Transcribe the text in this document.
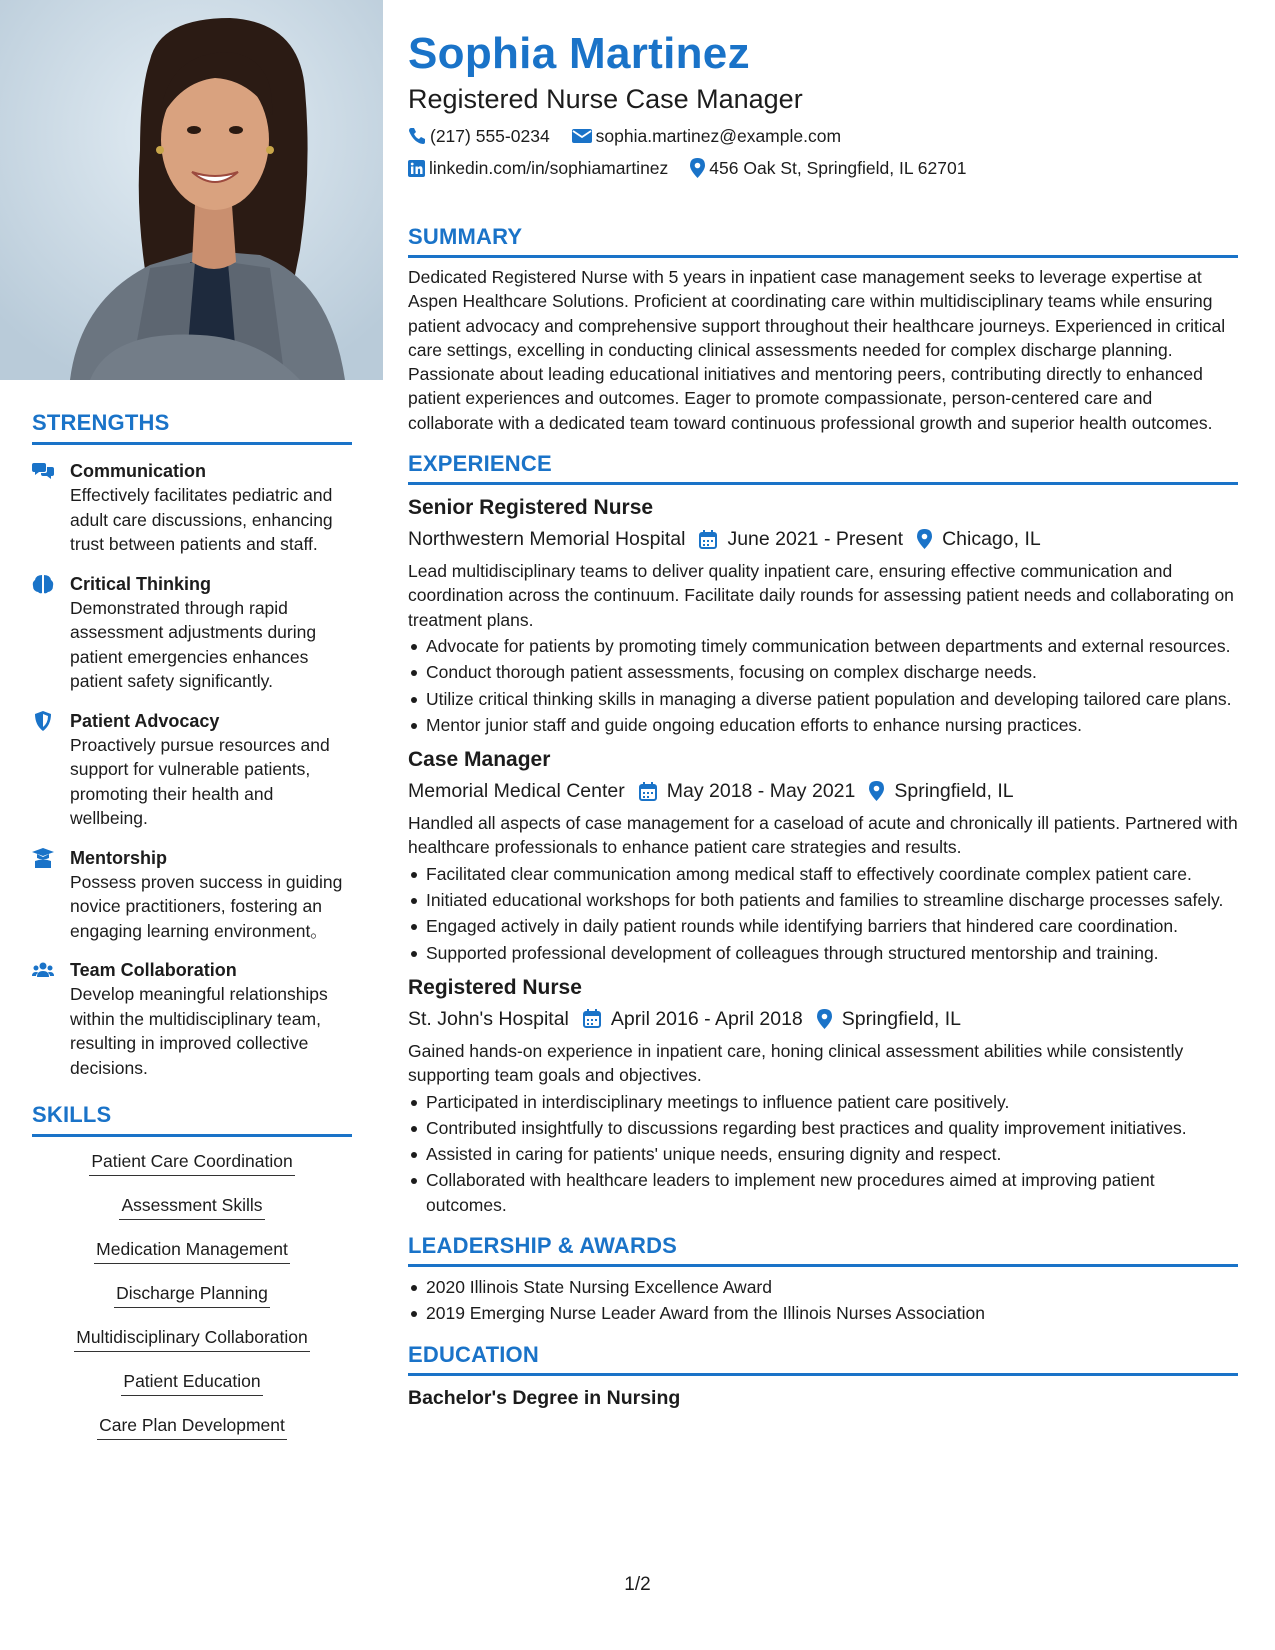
STRENGTHS
Communication
Effectively facilitates pediatric and adult care discussions, enhancing trust between patients and staff.
Critical Thinking
Demonstrated through rapid assessment adjustments during patient emergencies enhances patient safety significantly.
Patient Advocacy
Proactively pursue resources and support for vulnerable patients, promoting their health and wellbeing.
Mentorship
Possess proven success in guiding novice practitioners, fostering an engaging learning environment。
Team Collaboration
Develop meaningful relationships within the multidisciplinary team, resulting in improved collective decisions.
SKILLS
Patient Care Coordination
Assessment Skills
Medication Management
Discharge Planning
Multidisciplinary Collaboration
Patient Education
Care Plan Development
Sophia Martinez
Registered Nurse Case Manager
(217) 555-0234	sophia.martinez@example.com
linkedin.com/in/sophiamartinez 456 Oak St, Springfield, IL 62701
SUMMARY

Dedicated Registered Nurse with 5 years in inpatient case management seeks to leverage expertise at Aspen Healthcare Solutions. Proficient at coordinating care within multidisciplinary teams while ensuring patient advocacy and comprehensive support throughout their healthcare journeys. Experienced in critical care settings, excelling in conducting clinical assessments needed for complex discharge planning. Passionate about leading educational initiatives and mentoring peers, contributing directly to enhanced patient experiences and outcomes. Eager to promote compassionate, person-centered care and collaborate with a dedicated team toward continuous professional growth and superior health outcomes.

EXPERIENCE
Senior Registered Nurse
Northwestern Memorial Hospital June 2021 - Present Chicago, IL

Lead multidisciplinary teams to deliver quality inpatient care, ensuring effective communication and coordination across the continuum. Facilitate daily rounds for assessing patient needs and collaborating on treatment plans.

Advocate for patients by promoting timely communication between departments and external resources.
Conduct thorough patient assessments, focusing on complex discharge needs.
Utilize critical thinking skills in managing a diverse patient population and developing tailored care plans.
Mentor junior staff and guide ongoing education efforts to enhance nursing practices.
Case Manager
Memorial Medical Center May 2018 - May 2021 Springfield, IL

Handled all aspects of case management for a caseload of acute and chronically ill patients. Partnered with healthcare professionals to enhance patient care strategies and results.

Facilitated clear communication among medical staff to effectively coordinate complex patient care.
Initiated educational workshops for both patients and families to streamline discharge processes safely.
Engaged actively in daily patient rounds while identifying barriers that hindered care coordination.
Supported professional development of colleagues through structured mentorship and training.
Registered Nurse
St. John's Hospital April 2016 - April 2018 Springfield, IL

Gained hands-on experience in inpatient care, honing clinical assessment abilities while consistently supporting team goals and objectives.

Participated in interdisciplinary meetings to influence patient care positively.
Contributed insightfully to discussions regarding best practices and quality improvement initiatives.
Assisted in caring for patients' unique needs, ensuring dignity and respect.
Collaborated with healthcare leaders to implement new procedures aimed at improving patient outcomes.
LEADERSHIP & AWARDS
2020 Illinois State Nursing Excellence Award
2019 Emerging Nurse Leader Award from the Illinois Nurses Association
EDUCATION
Bachelor's Degree in Nursing
1/2
